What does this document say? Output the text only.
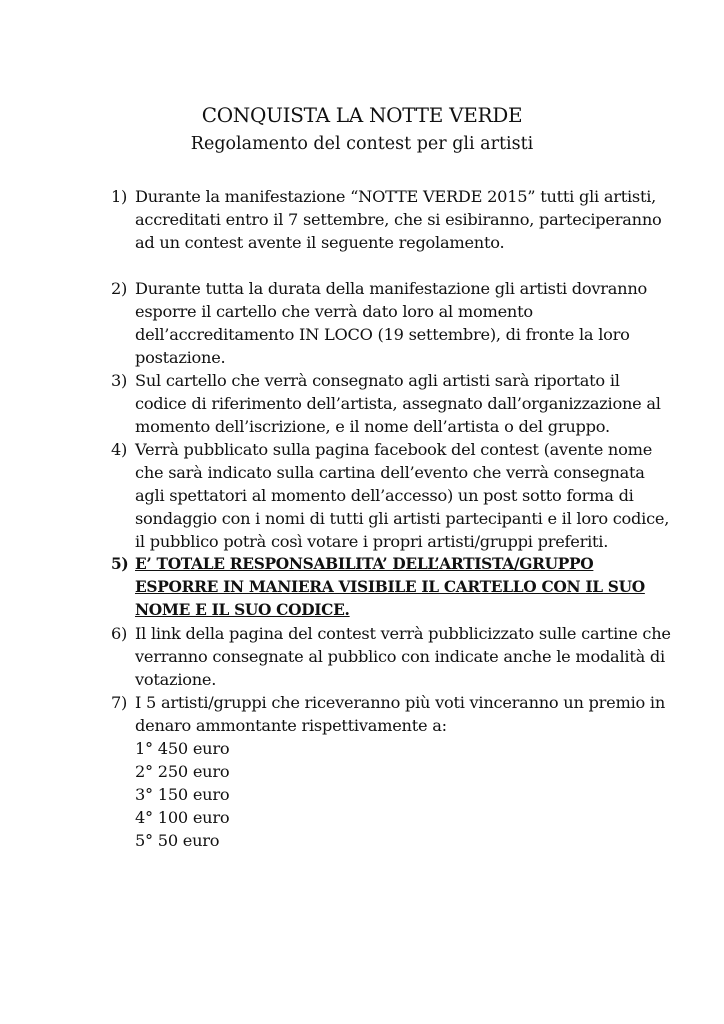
CONQUISTA LA NOTTE VERDE
Regolamento del contest per gli artisti
1) Durante la manifestazione “NOTTE VERDE 2015” tutti gli artisti, accreditati entro il 7 settembre, che si esibiranno, parteciperanno ad un contest avente il seguente regolamento.
2) Durante tutta la durata della manifestazione gli artisti dovranno esporre il cartello che verrà dato loro al momento dell’accreditamento IN LOCO (19 settembre), di fronte la loro postazione.
3) Sul cartello che verrà consegnato agli artisti sarà riportato il codice di riferimento dell’artista, assegnato dall’organizzazione al momento dell’iscrizione, e il nome dell’artista o del gruppo.
4) Verrà pubblicato sulla pagina facebook del contest (avente nome che sarà indicato sulla cartina dell’evento che verrà consegnata agli spettatori al momento dell’accesso) un post sotto forma di sondaggio con i nomi di tutti gli artisti partecipanti e il loro codice, il pubblico potrà così votare i propri artisti/gruppi preferiti.
5) E’ TOTALE RESPONSABILITA’ DELL’ARTISTA/GRUPPO ESPORRE IN MANIERA VISIBILE IL CARTELLO CON IL SUO NOME E IL SUO CODICE.
6) Il link della pagina del contest verrà pubblicizzato sulle cartine che verranno consegnate al pubblico con indicate anche le modalità di votazione.
7) I 5 artisti/gruppi che riceveranno più voti vinceranno un premio in denaro ammontante rispettivamente a:
1° 450 euro
2° 250 euro
3° 150 euro
4° 100 euro
5° 50 euro
